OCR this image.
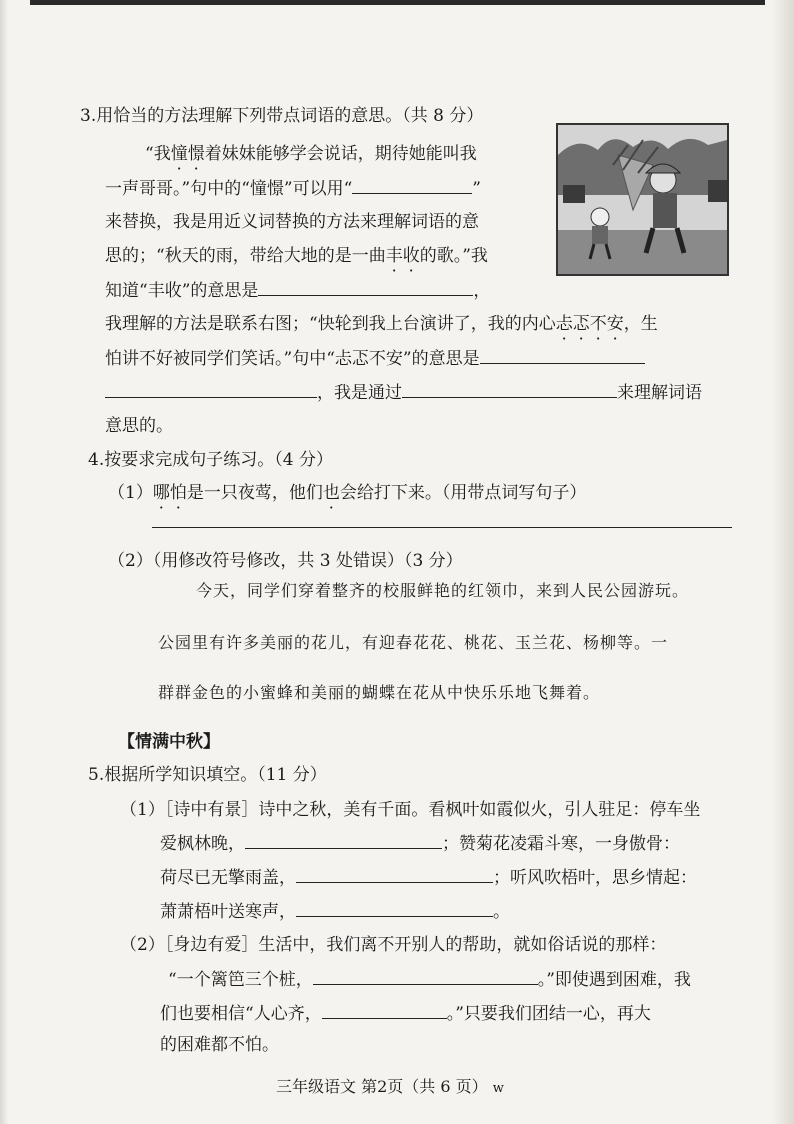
3.用恰当的方法理解下列带点词语的意思。（共 8 分）
“我憧憬着妹妹能够学会说话，期待她能叫我
一声哥哥。”句中的“憧憬”可以用“	”
来替换，我是用近义词替换的方法来理解词语的意
思的；“秋天的雨，带给大地的是一曲丰收的歌。”我
知道“丰收”的意思是	，
我理解的方法是联系右图；“快轮到我上台演讲了，我的内心忐忑不安，生
怕讲不好被同学们笑话。”句中“忐忑不安”的意思是
，我是通过	来理解词语
意思的。
4.按要求完成句子练习。（4 分）
（1）哪怕是一只夜莺，他们也会给打下来。（用带点词写句子）
（2）（用修改符号修改，共 3 处错误）（3 分）
今天，同学们穿着整齐的校服鲜艳的红领巾，来到人民公园游玩。
公园里有许多美丽的花儿，有迎春花花、桃花、玉兰花、杨柳等。一
群群金色的小蜜蜂和美丽的蝴蝶在花从中快乐乐地飞舞着。
【情满中秋】
5.根据所学知识填空。（11 分）
（1）［诗中有景］诗中之秋，美有千面。看枫叶如霞似火，引人驻足：停车坐
爱枫林晚，	；赞菊花凌霜斗寒，一身傲骨：
荷尽已无擎雨盖，	；听风吹梧叶，思乡情起：
萧萧梧叶送寒声，	。
（2）［身边有爱］生活中，我们离不开别人的帮助，就如俗话说的那样：
“一个篱笆三个桩，	。”即使遇到困难，我
们也要相信“人心齐，	。”只要我们团结一心，再大
的困难都不怕。
三年级语文 第2页（共 6 页） w
